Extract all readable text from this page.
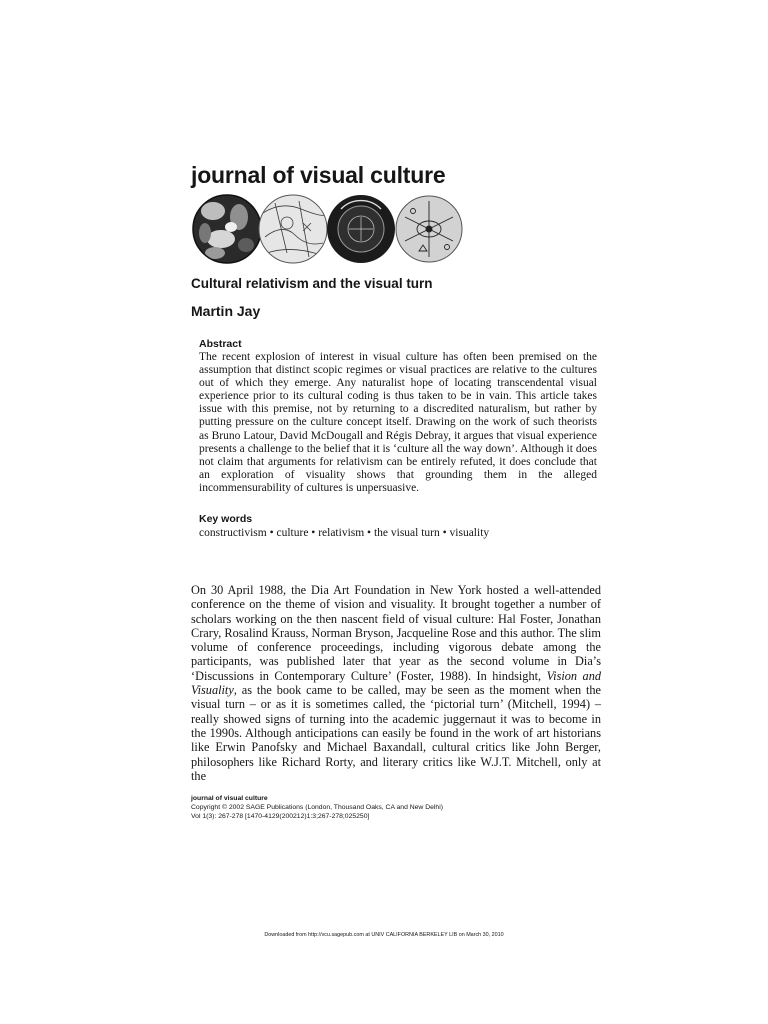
journal of visual culture
Cultural relativism and the visual turn

Martin Jay

Abstract

The recent explosion of interest in visual culture has often been premised on the assumption that distinct scopic regimes or visual practices are relative to the cultures out of which they emerge. Any naturalist hope of locating transcendental visual experience prior to its cultural coding is thus taken to be in vain. This article takes issue with this premise, not by returning to a discredited naturalism, but rather by putting pressure on the culture concept itself. Drawing on the work of such theorists as Bruno Latour, David McDougall and Régis Debray, it argues that visual experience presents a challenge to the belief that it is ‘culture all the way down’. Although it does not claim that arguments for relativism can be entirely refuted, it does conclude that an exploration of visuality shows that grounding them in the alleged incommensurability of cultures is unpersuasive.

Key words

constructivism • culture • relativism • the visual turn • visuality

On 30 April 1988, the Dia Art Foundation in New York hosted a well-attended conference on the theme of vision and visuality. It brought together a number of scholars working on the then nascent field of visual culture: Hal Foster, Jonathan Crary, Rosalind Krauss, Norman Bryson, Jacqueline Rose and this author. The slim volume of conference proceedings, including vigorous debate among the participants, was published later that year as the second volume in Dia’s ‘Discussions in Contemporary Culture’ (Foster, 1988). In hindsight, Vision and Visuality, as the book came to be called, may be seen as the moment when the visual turn – or as it is sometimes called, the ‘pictorial turn’ (Mitchell, 1994) – really showed signs of turning into the academic juggernaut it was to become in the 1990s. Although anticipations can easily be found in the work of art historians like Erwin Panofsky and Michael Baxandall, cultural critics like John Berger, philosophers like Richard Rorty, and literary critics like W.J.T. Mitchell, only at the

journal of visual culture
Copyright © 2002 SAGE Publications (London, Thousand Oaks, CA and New Delhi)
Vol 1(3): 267-278 [1470-4129(200212)1:3;267-278;025250]
Downloaded from http://vcu.sagepub.com at UNIV CALIFORNIA BERKELEY LIB on March 30, 2010
